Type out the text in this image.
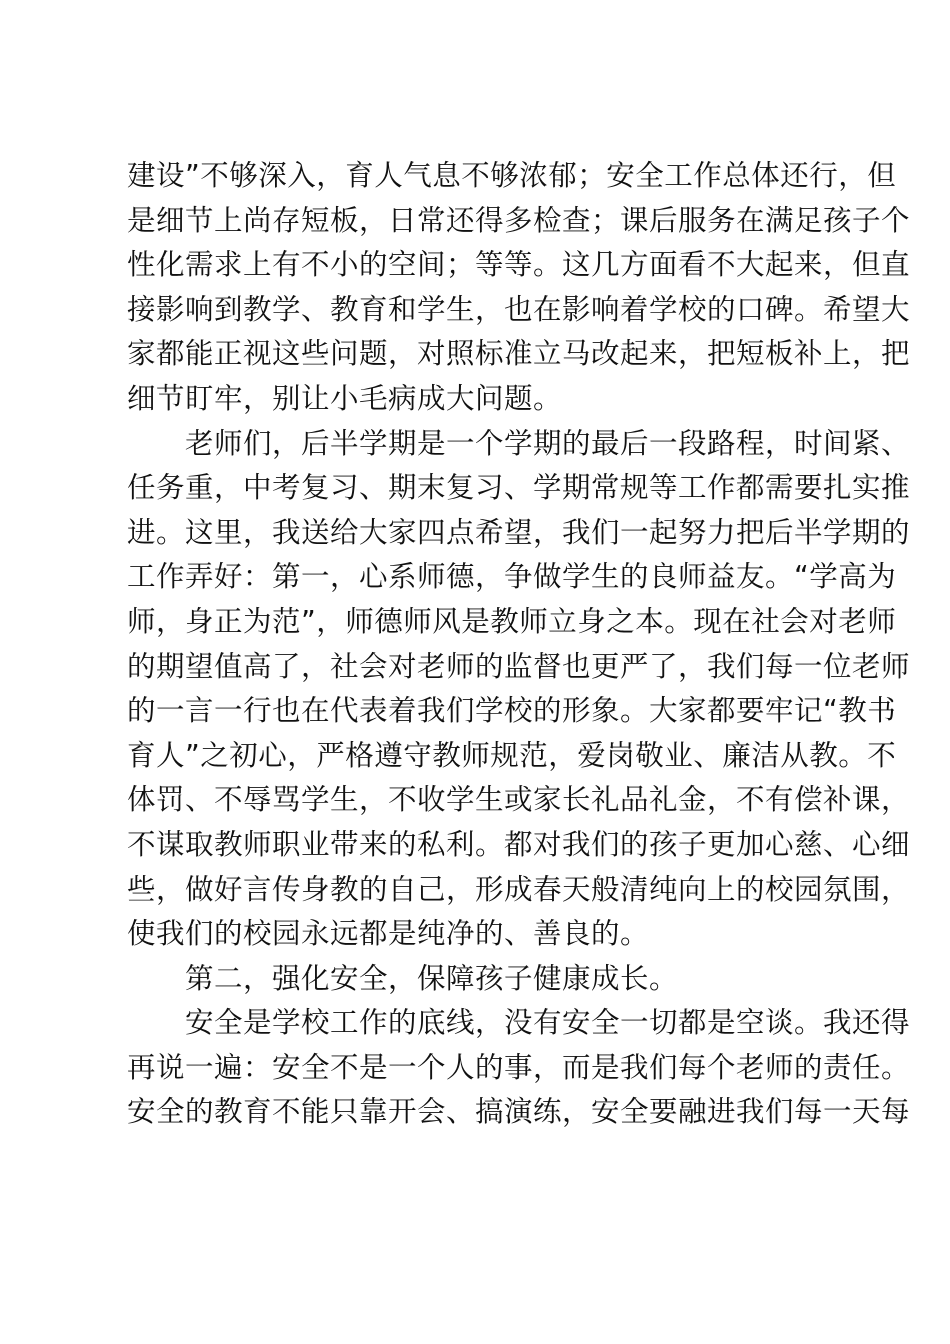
建设”不够深入，育人气息不够浓郁；安全工作总体还行，但
是细节上尚存短板，日常还得多检查；课后服务在满足孩子个
性化需求上有不小的空间；等等。这几方面看不大起来，但直
接影响到教学、教育和学生，也在影响着学校的口碑。希望大
家都能正视这些问题，对照标准立马改起来，把短板补上，把
细节盯牢，别让小毛病成大问题。
　　老师们，后半学期是一个学期的最后一段路程，时间紧、
任务重，中考复习、期末复习、学期常规等工作都需要扎实推
进。这里，我送给大家四点希望，我们一起努力把后半学期的
工作弄好：第一，心系师德，争做学生的良师益友。“学高为
师，身正为范”，师德师风是教师立身之本。现在社会对老师
的期望值高了，社会对老师的监督也更严了，我们每一位老师
的一言一行也在代表着我们学校的形象。大家都要牢记“教书
育人”之初心，严格遵守教师规范，爱岗敬业、廉洁从教。不
体罚、不辱骂学生，不收学生或家长礼品礼金，不有偿补课，
不谋取教师职业带来的私利。都对我们的孩子更加心慈、心细
些，做好言传身教的自己，形成春天般清纯向上的校园氛围，
使我们的校园永远都是纯净的、善良的。
　　第二，强化安全，保障孩子健康成长。
　　安全是学校工作的底线，没有安全一切都是空谈。我还得
再说一遍：安全不是一个人的事，而是我们每个老师的责任。
安全的教育不能只靠开会、搞演练，安全要融进我们每一天每
